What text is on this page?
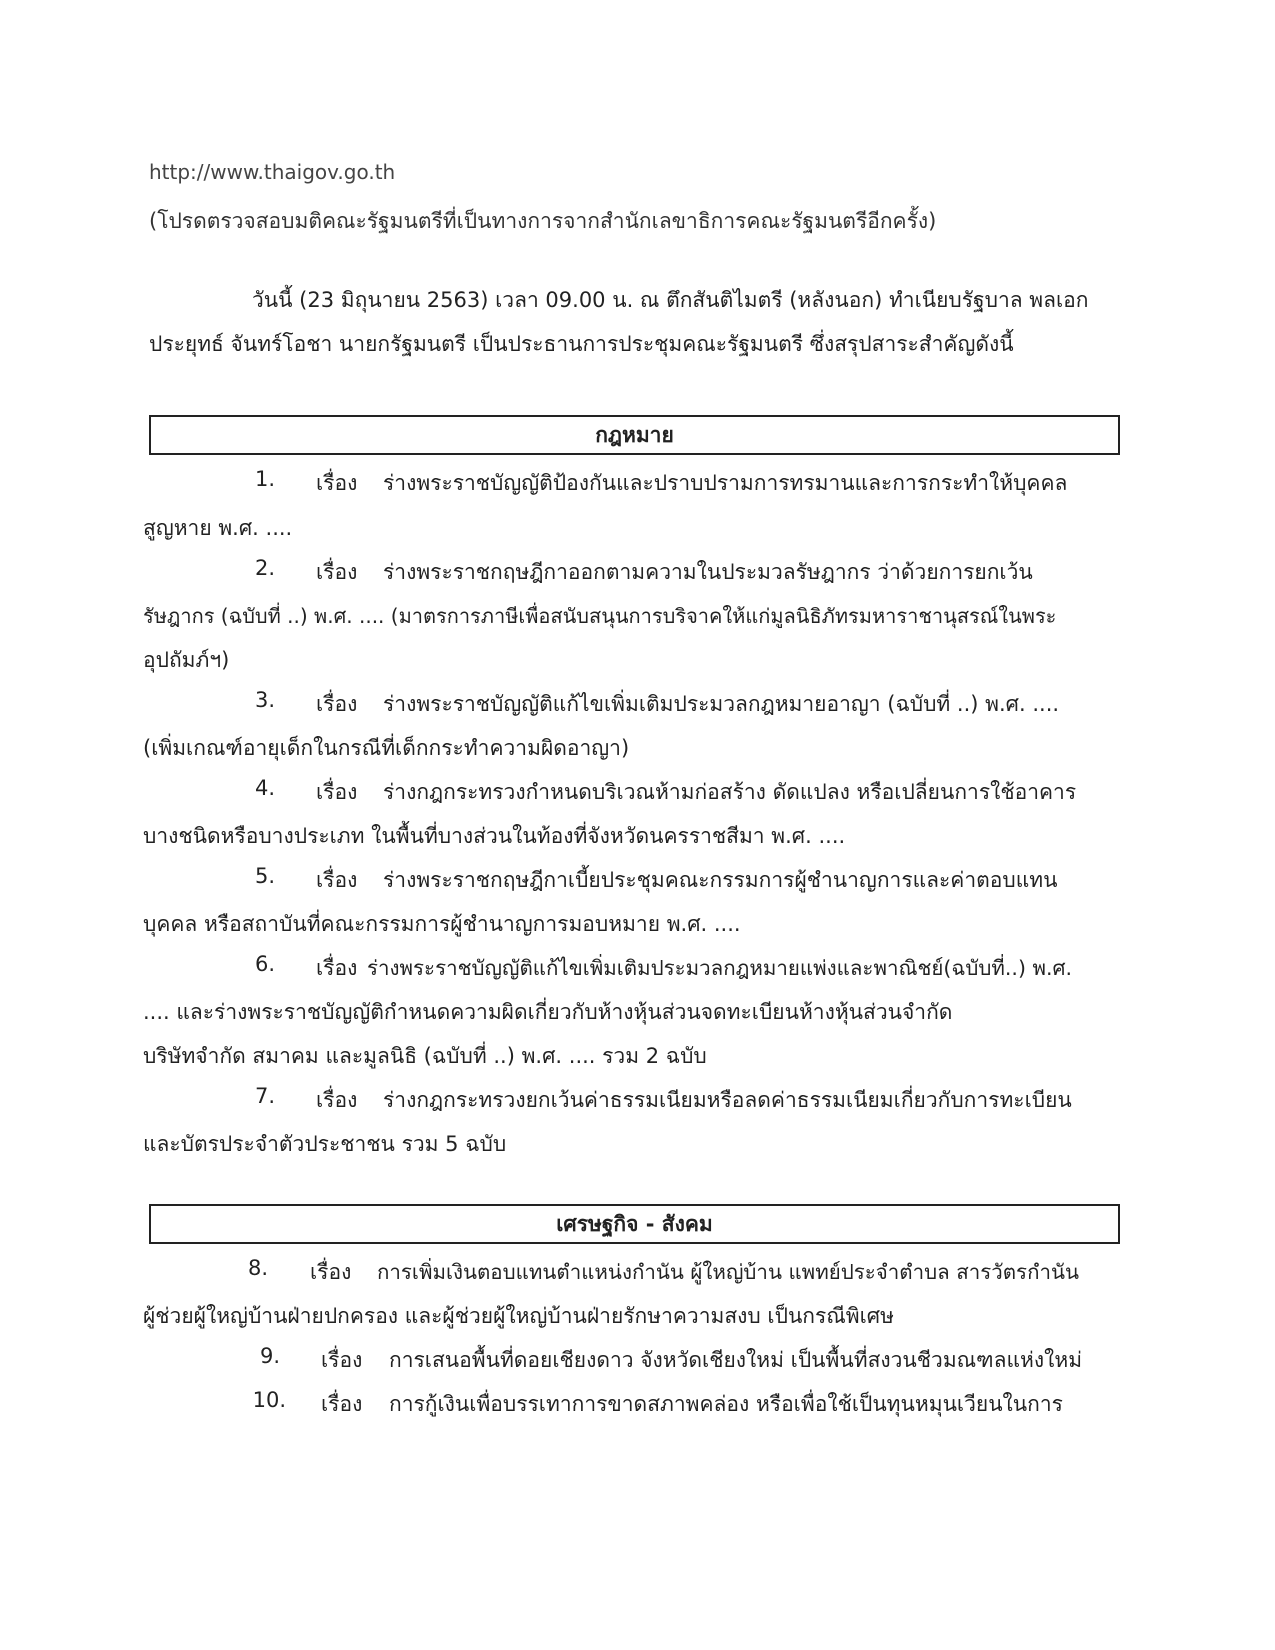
http://www.thaigov.go.th
(โปรดตรวจสอบมติคณะรัฐมนตรีที่เป็นทางการจากสำนักเลขาธิการคณะรัฐมนตรีอีกครั้ง)
วันนี้ (23 มิถุนายน 2563) เวลา 09.00 น. ณ ตึกสันติไมตรี (หลังนอก) ทำเนียบรัฐบาล พลเอก
ประยุทธ์ จันทร์โอชา นายกรัฐมนตรี เป็นประธานการประชุมคณะรัฐมนตรี ซึ่งสรุปสาระสำคัญดังนี้
กฎหมาย
1. เรื่อง ร่างพระราชบัญญัติป้องกันและปราบปรามการทรมานและการกระทำให้บุคคล
สูญหาย พ.ศ. ....
2. เรื่อง ร่างพระราชกฤษฎีกาออกตามความในประมวลรัษฎากร ว่าด้วยการยกเว้น
รัษฎากร (ฉบับที่ ..) พ.ศ. .... (มาตรการภาษีเพื่อสนับสนุนการบริจาคให้แก่มูลนิธิภัทรมหาราชานุสรณ์ในพระ
อุปถัมภ์ฯ)
3. เรื่อง ร่างพระราชบัญญัติแก้ไขเพิ่มเติมประมวลกฎหมายอาญา (ฉบับที่ ..) พ.ศ. ....
(เพิ่มเกณฑ์อายุเด็กในกรณีที่เด็กกระทำความผิดอาญา)
4. เรื่อง ร่างกฎกระทรวงกำหนดบริเวณห้ามก่อสร้าง ดัดแปลง หรือเปลี่ยนการใช้อาคาร
บางชนิดหรือบางประเภท ในพื้นที่บางส่วนในท้องที่จังหวัดนครราชสีมา พ.ศ. ....
5. เรื่อง ร่างพระราชกฤษฎีกาเบี้ยประชุมคณะกรรมการผู้ชำนาญการและค่าตอบแทน
บุคคล หรือสถาบันที่คณะกรรมการผู้ชำนาญการมอบหมาย พ.ศ. ....
6. เรื่อง ร่างพระราชบัญญัติแก้ไขเพิ่มเติมประมวลกฎหมายแพ่งและพาณิชย์(ฉบับที่..) พ.ศ.
.... และร่างพระราชบัญญัติกำหนดความผิดเกี่ยวกับห้างหุ้นส่วนจดทะเบียนห้างหุ้นส่วนจำกัด
บริษัทจำกัด สมาคม และมูลนิธิ (ฉบับที่ ..) พ.ศ. .... รวม 2 ฉบับ
7. เรื่อง ร่างกฎกระทรวงยกเว้นค่าธรรมเนียมหรือลดค่าธรรมเนียมเกี่ยวกับการทะเบียน
และบัตรประจำตัวประชาชน รวม 5 ฉบับ
เศรษฐกิจ - สังคม
8. เรื่อง การเพิ่มเงินตอบแทนตำแหน่งกำนัน ผู้ใหญ่บ้าน แพทย์ประจำตำบล สารวัตรกำนัน
ผู้ช่วยผู้ใหญ่บ้านฝ่ายปกครอง และผู้ช่วยผู้ใหญ่บ้านฝ่ายรักษาความสงบ เป็นกรณีพิเศษ
9. เรื่อง การเสนอพื้นที่ดอยเชียงดาว จังหวัดเชียงใหม่ เป็นพื้นที่สงวนชีวมณฑลแห่งใหม่
10. เรื่อง การกู้เงินเพื่อบรรเทาการขาดสภาพคล่อง หรือเพื่อใช้เป็นทุนหมุนเวียนในการ
